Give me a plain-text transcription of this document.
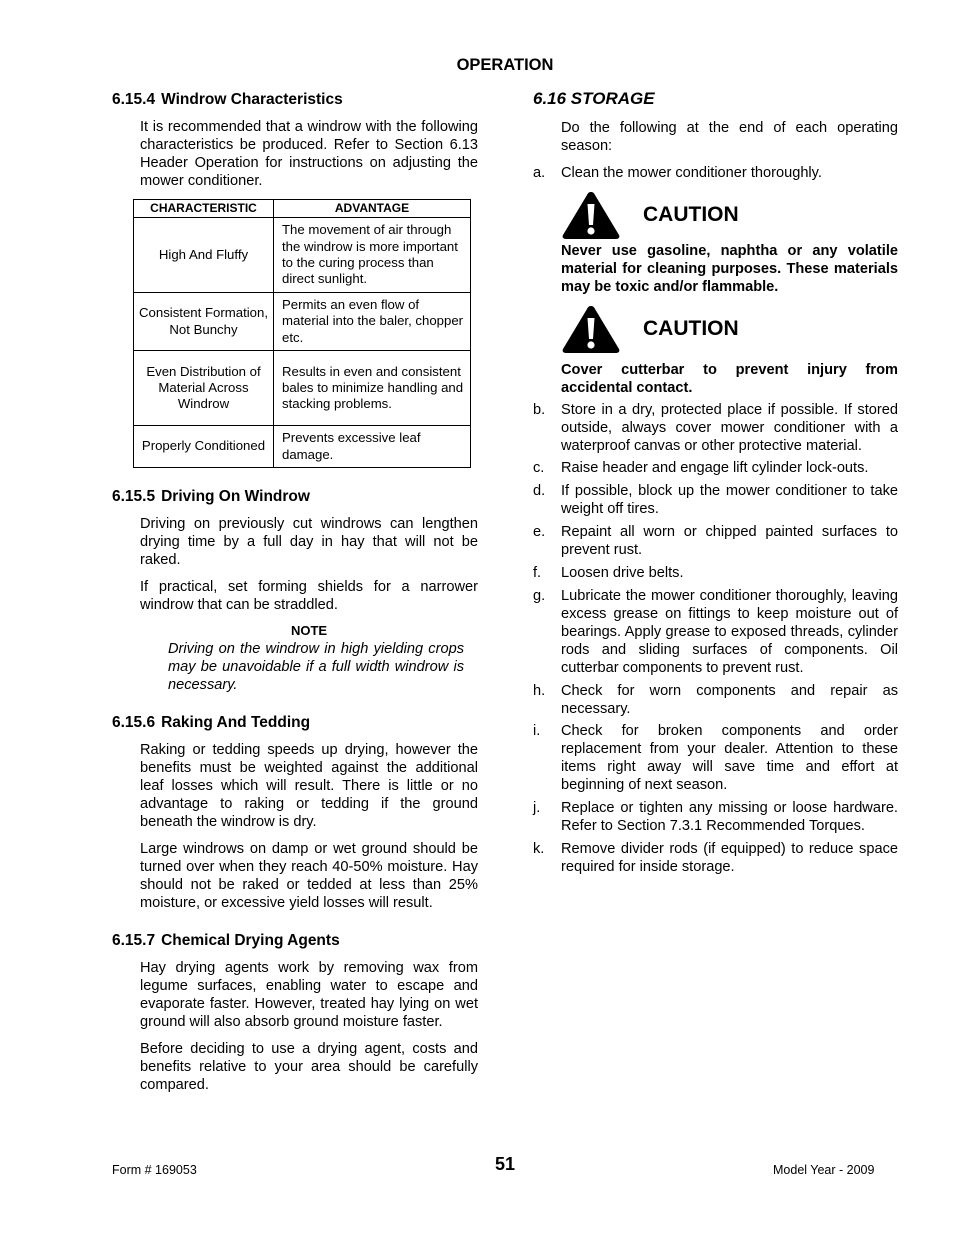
OPERATION
6.15.4 Windrow Characteristics

It is recommended that a windrow with the following characteristics be produced. Refer to Section 6.13 Header Operation for instructions on adjusting the mower conditioner.

CHARACTERISTIC	ADVANTAGE
High And Fluffy	The movement of air through the windrow is more important to the curing process than direct sunlight.
Consistent Formation, Not Bunchy	Permits an even flow of material into the baler, chopper etc.
Even Distribution of Material Across Windrow	Results in even and consistent bales to minimize handling and stacking problems.
Properly Conditioned	Prevents excessive leaf damage.
6.15.5 Driving On Windrow

Driving on previously cut windrows can lengthen drying time by a full day in hay that will not be raked.

If practical, set forming shields for a narrower windrow that can be straddled.

NOTE

Driving on the windrow in high yielding crops may be unavoidable if a full width windrow is necessary.

6.15.6 Raking And Tedding

Raking or tedding speeds up drying, however the benefits must be weighted against the additional leaf losses which will result. There is little or no advantage to raking or tedding if the ground beneath the windrow is dry.

Large windrows on damp or wet ground should be turned over when they reach 40-50% moisture. Hay should not be raked or tedded at less than 25% moisture, or excessive yield losses will result.

6.15.7 Chemical Drying Agents

Hay drying agents work by removing wax from legume surfaces, enabling water to escape and evaporate faster. However, treated hay lying on wet ground will also absorb ground moisture faster.

Before deciding to use a drying agent, costs and benefits relative to your area should be carefully compared.

6.16 STORAGE

Do the following at the end of each operating season:

a.	Clean the mower conditioner thoroughly.
CAUTION

Never use gasoline, naphtha or any volatile material for cleaning purposes. These materials may be toxic and/or flammable.

CAUTION

Cover cutterbar to prevent injury from accidental contact.

b.	Store in a dry, protected place if possible. If stored outside, always cover mower conditioner with a waterproof canvas or other protective material.
c.	Raise header and engage lift cylinder lock-outs.
d.	If possible, block up the mower conditioner to take weight off tires.
e.	Repaint all worn or chipped painted surfaces to prevent rust.
f.	Loosen drive belts.
g.	Lubricate the mower conditioner thoroughly, leaving excess grease on fittings to keep moisture out of bearings. Apply grease to exposed threads, cylinder rods and sliding surfaces of components. Oil cutterbar components to prevent rust.
h.	Check for worn components and repair as necessary.
i.	Check for broken components and order replacement from your dealer. Attention to these items right away will save time and effort at beginning of next season.
j.	Replace or tighten any missing or loose hardware. Refer to Section 7.3.1 Recommended Torques.
k.	Remove divider rods (if equipped) to reduce space required for inside storage.
Form # 169053	51	Model Year - 2009
